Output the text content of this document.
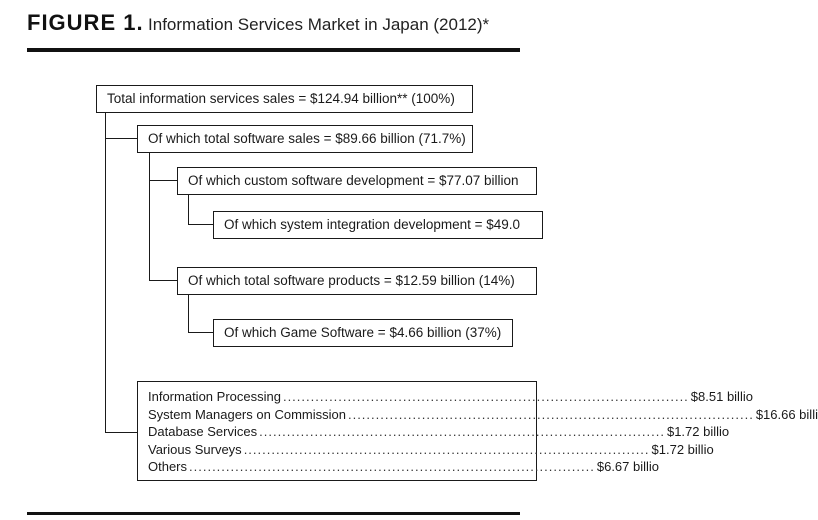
FIGURE 1. Information Services Market in Japan (2012)*
Total information services sales = $124.94 billion** (100%)
Of which total software sales = $89.66 billion (71.7%)
Of which custom software development = $77.07 billion
Of which system integration development = $49.0
Of which total software products = $12.59 billion (14%)
Of which Game Software = $4.66 billion (37%)
Information Processing ........................................................................................ $8.51 billio
System Managers on Commission ........................................................................................ $16.66 billi
Database Services ........................................................................................ $1.72 billio
Various Surveys ........................................................................................ $1.72 billio
Others ........................................................................................ $6.67 billio
